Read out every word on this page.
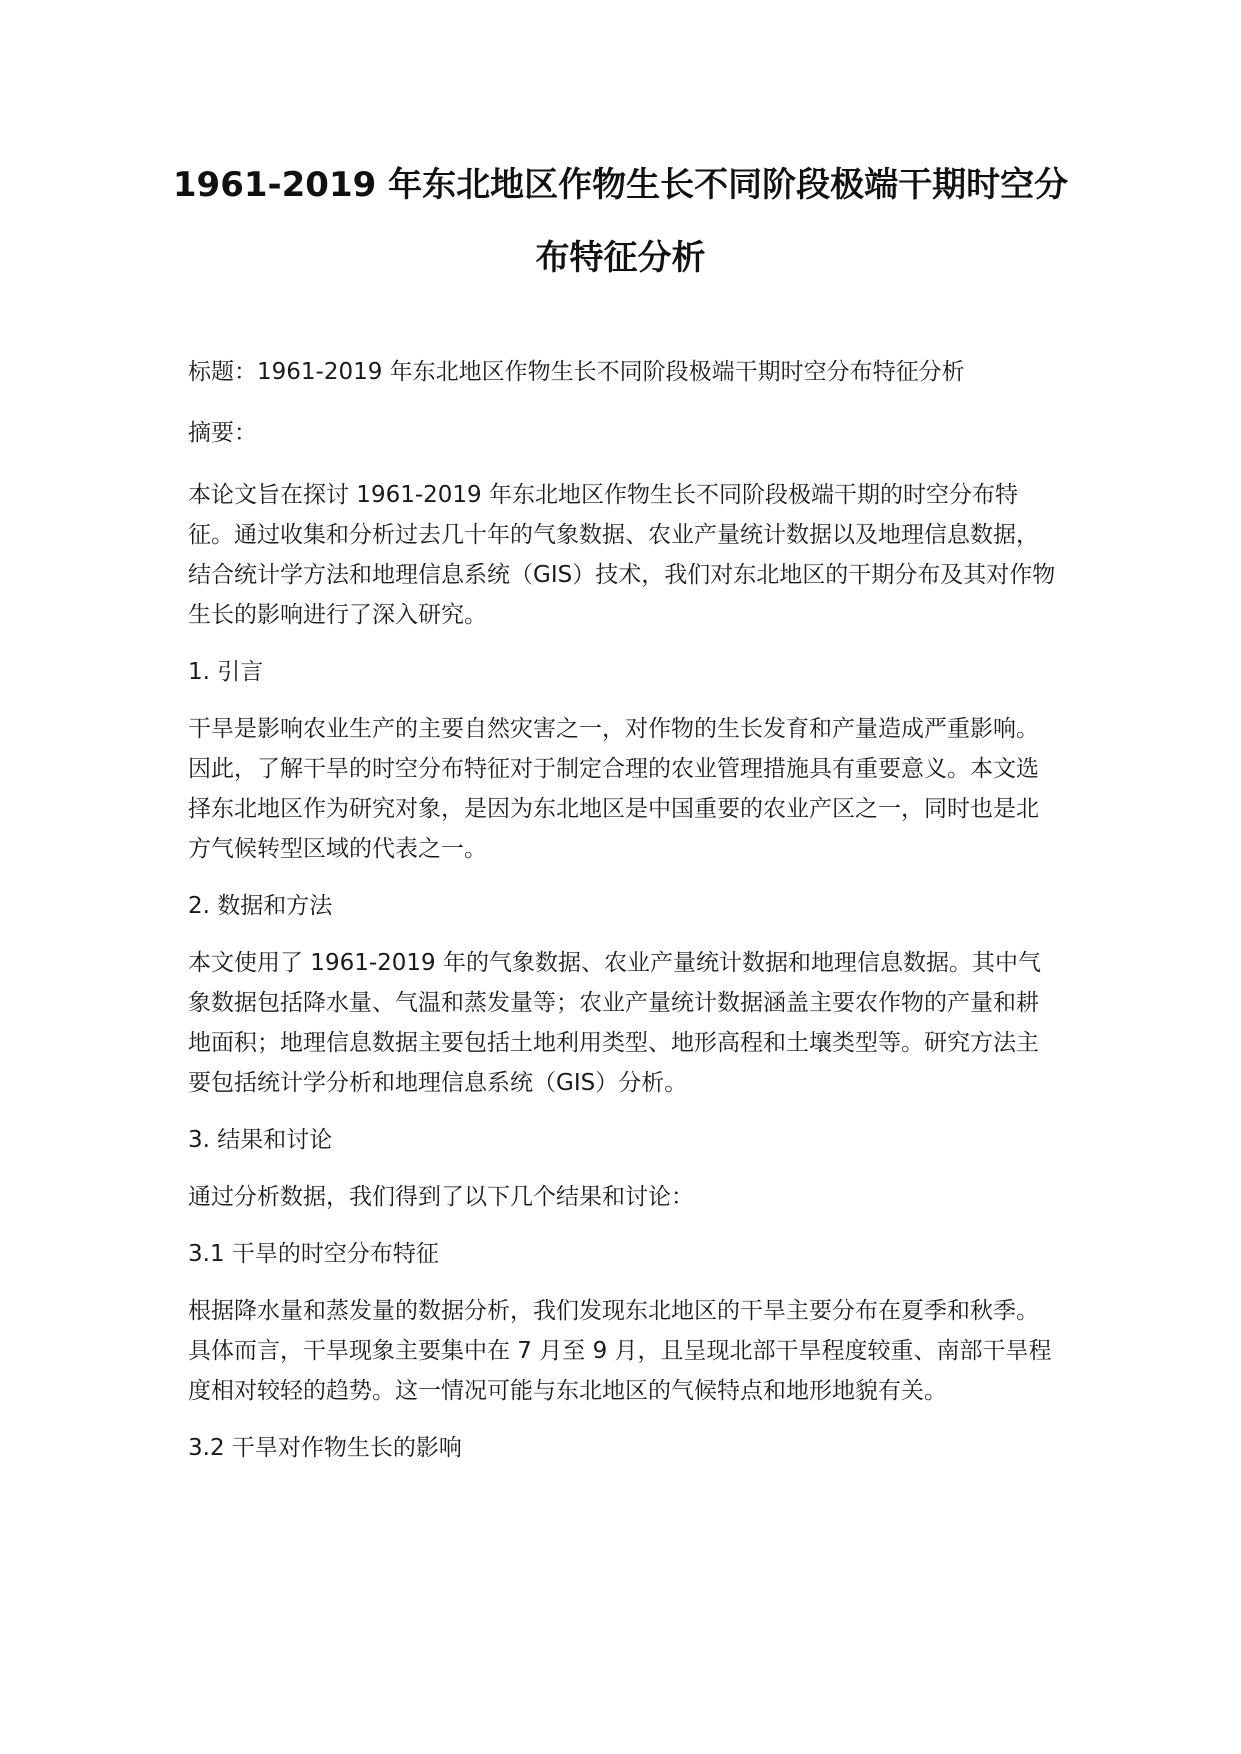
1961-2019 年东北地区作物生长不同阶段极端干期时空分
布特征分析
标题：1961-2019 年东北地区作物生长不同阶段极端干期时空分布特征分析
摘要：

本论文旨在探讨 1961-2019 年东北地区作物生长不同阶段极端干期的时空分布特征。通过收集和分析过去几十年的气象数据、农业产量统计数据以及地理信息数据，结合统计学方法和地理信息系统（GIS）技术，我们对东北地区的干期分布及其对作物生长的影响进行了深入研究。

1. 引言

干旱是影响农业生产的主要自然灾害之一，对作物的生长发育和产量造成严重影响。因此，了解干旱的时空分布特征对于制定合理的农业管理措施具有重要意义。本文选择东北地区作为研究对象，是因为东北地区是中国重要的农业产区之一，同时也是北方气候转型区域的代表之一。

2. 数据和方法

本文使用了 1961-2019 年的气象数据、农业产量统计数据和地理信息数据。其中气象数据包括降水量、气温和蒸发量等；农业产量统计数据涵盖主要农作物的产量和耕地面积；地理信息数据主要包括土地利用类型、地形高程和土壤类型等。研究方法主要包括统计学分析和地理信息系统（GIS）分析。

3. 结果和讨论
通过分析数据，我们得到了以下几个结果和讨论：
3.1 干旱的时空分布特征

根据降水量和蒸发量的数据分析，我们发现东北地区的干旱主要分布在夏季和秋季。具体而言，干旱现象主要集中在 7 月至 9 月，且呈现北部干旱程度较重、南部干旱程度相对较轻的趋势。这一情况可能与东北地区的气候特点和地形地貌有关。

3.2 干旱对作物生长的影响
